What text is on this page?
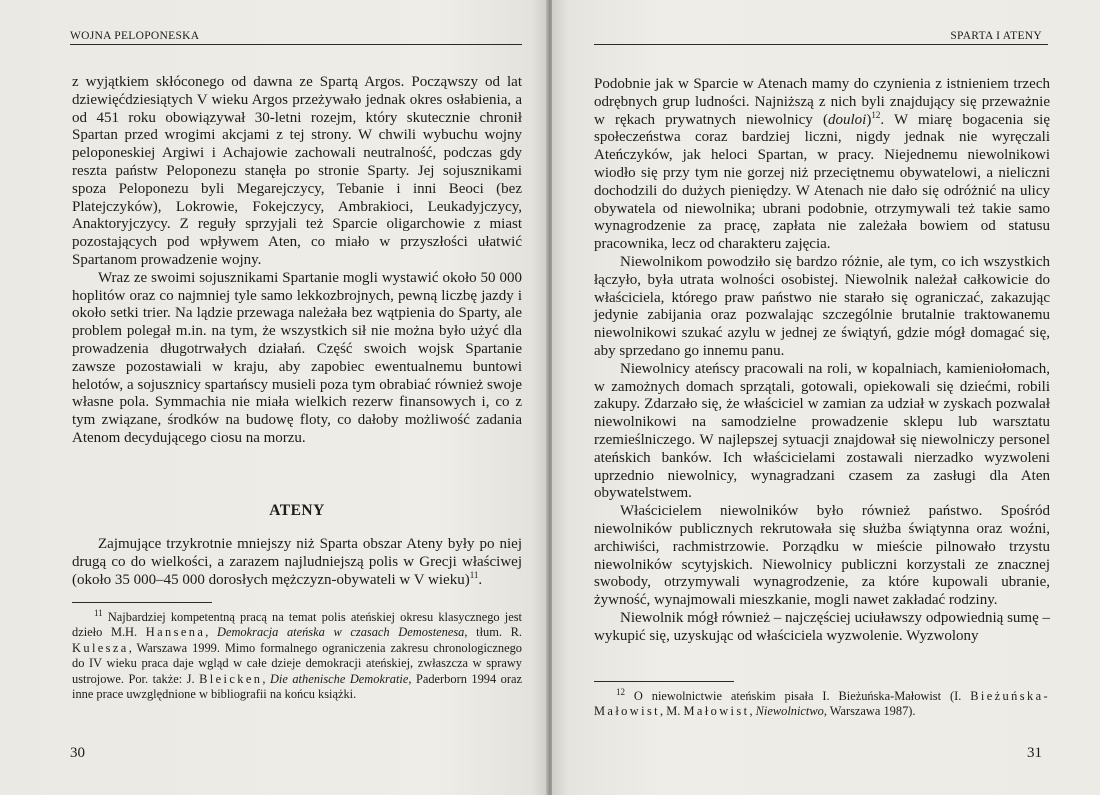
WOJNA PELOPONESKA

z wyjątkiem skłóconego od dawna ze Spartą Argos. Począwszy od lat dziewięćdziesiątych V wieku Argos przeżywało jednak okres osłabienia, a od 451 roku obowiązywał 30-letni rozejm, który skutecznie chronił Spartan przed wrogimi akcjami z tej strony. W chwili wybuchu wojny peloponeskiej Argiwi i Achajowie zachowali neutralność, podczas gdy reszta państw Peloponezu stanęła po stronie Sparty. Jej sojusznikami spoza Peloponezu byli Megarejczycy, Tebanie i inni Beoci (bez Platejczyków), Lokrowie, Fokejczycy, Ambrakioci, Leukadyjczycy, Anaktoryjczycy. Z reguły sprzyjali też Sparcie oligarchowie z miast pozostających pod wpływem Aten, co miało w przyszłości ułatwić Spartanom prowadzenie wojny.

Wraz ze swoimi sojusznikami Spartanie mogli wystawić około 50 000 hoplitów oraz co najmniej tyle samo lekkozbrojnych, pewną liczbę jazdy i około setki trier. Na lądzie przewaga należała bez wątpienia do Sparty, ale problem polegał m.in. na tym, że wszystkich sił nie można było użyć dla prowadzenia długotrwałych działań. Część swoich wojsk Spartanie zawsze pozostawiali w kraju, aby zapobiec ewentualnemu buntowi helotów, a sojusznicy spartańscy musieli poza tym obrabiać również swoje własne pola. Symmachia nie miała wielkich rezerw finansowych i, co z tym związane, środków na budowę floty, co dałoby możliwość zadania Atenom decydującego ciosu na morzu.

ATENY

Zajmujące trzykrotnie mniejszy niż Sparta obszar Ateny były po niej drugą co do wielkości, a zarazem najludniejszą polis w Grecji właściwej (około 35 000–45 000 dorosłych mężczyzn-obywateli w V wieku)$^{11}$.

$^{11}$ Najbardziej kompetentną pracą na temat polis ateńskiej okresu klasycznego jest dzieło M.H. Hansena, Demokracja ateńska w czasach Demostenesa, tłum. R. Kulesza, Warszawa 1999. Mimo formalnego ograniczenia zakresu chronologicznego do IV wieku praca daje wgląd w całe dzieje demokracji ateńskiej, zwłaszcza w sprawy ustrojowe. Por. także: J. Bleicken, Die athenische Demokratie, Paderborn 1994 oraz inne prace uwzględnione w bibliografii na końcu książki.

30
SPARTA I ATENY

Podobnie jak w Sparcie w Atenach mamy do czynienia z istnieniem trzech odrębnych grup ludności. Najniższą z nich byli znajdujący się przeważnie w rękach prywatnych niewolnicy (douloi)$^{12}$. W miarę bogacenia się społeczeństwa coraz bardziej liczni, nigdy jednak nie wyręczali Ateńczyków, jak heloci Spartan, w pracy. Niejednemu niewolnikowi wiodło się przy tym nie gorzej niż przeciętnemu obywatelowi, a nieliczni dochodzili do dużych pieniędzy. W Atenach nie dało się odróżnić na ulicy obywatela od niewolnika; ubrani podobnie, otrzymywali też takie samo wynagrodzenie za pracę, zapłata nie zależała bowiem od statusu pracownika, lecz od charakteru zajęcia.

Niewolnikom powodziło się bardzo różnie, ale tym, co ich wszystkich łączyło, była utrata wolności osobistej. Niewolnik należał całkowicie do właściciela, którego praw państwo nie starało się ograniczać, zakazując jedynie zabijania oraz pozwalając szczególnie brutalnie traktowanemu niewolnikowi szukać azylu w jednej ze świątyń, gdzie mógł domagać się, aby sprzedano go innemu panu.

Niewolnicy ateńscy pracowali na roli, w kopalniach, kamieniołomach, w zamożnych domach sprzątali, gotowali, opiekowali się dziećmi, robili zakupy. Zdarzało się, że właściciel w zamian za udział w zyskach pozwalał niewolnikowi na samodzielne prowadzenie sklepu lub warsztatu rzemieślniczego. W najlepszej sytuacji znajdował się niewolniczy personel ateńskich banków. Ich właścicielami zostawali nierzadko wyzwoleni uprzednio niewolnicy, wynagradzani czasem za zasługi dla Aten obywatelstwem.

Właścicielem niewolników było również państwo. Spośród niewolników publicznych rekrutowała się służba świątynna oraz woźni, archiwiści, rachmistrzowie. Porządku w mieście pilnowało trzystu niewolników scytyjskich. Niewolnicy publiczni korzystali ze znacznej swobody, otrzymywali wynagrodzenie, za które kupowali ubranie, żywność, wynajmowali mieszkanie, mogli nawet zakładać rodziny.

Niewolnik mógł również – najczęściej uciuławszy odpowiednią sumę – wykupić się, uzyskując od właściciela wyzwolenie. Wyzwolony

$^{12}$ O niewolnictwie ateńskim pisała I. Bieżuńska-Małowist (I. Bieżuńska-Małowist, M. Małowist, Niewolnictwo, Warszawa 1987).

31
